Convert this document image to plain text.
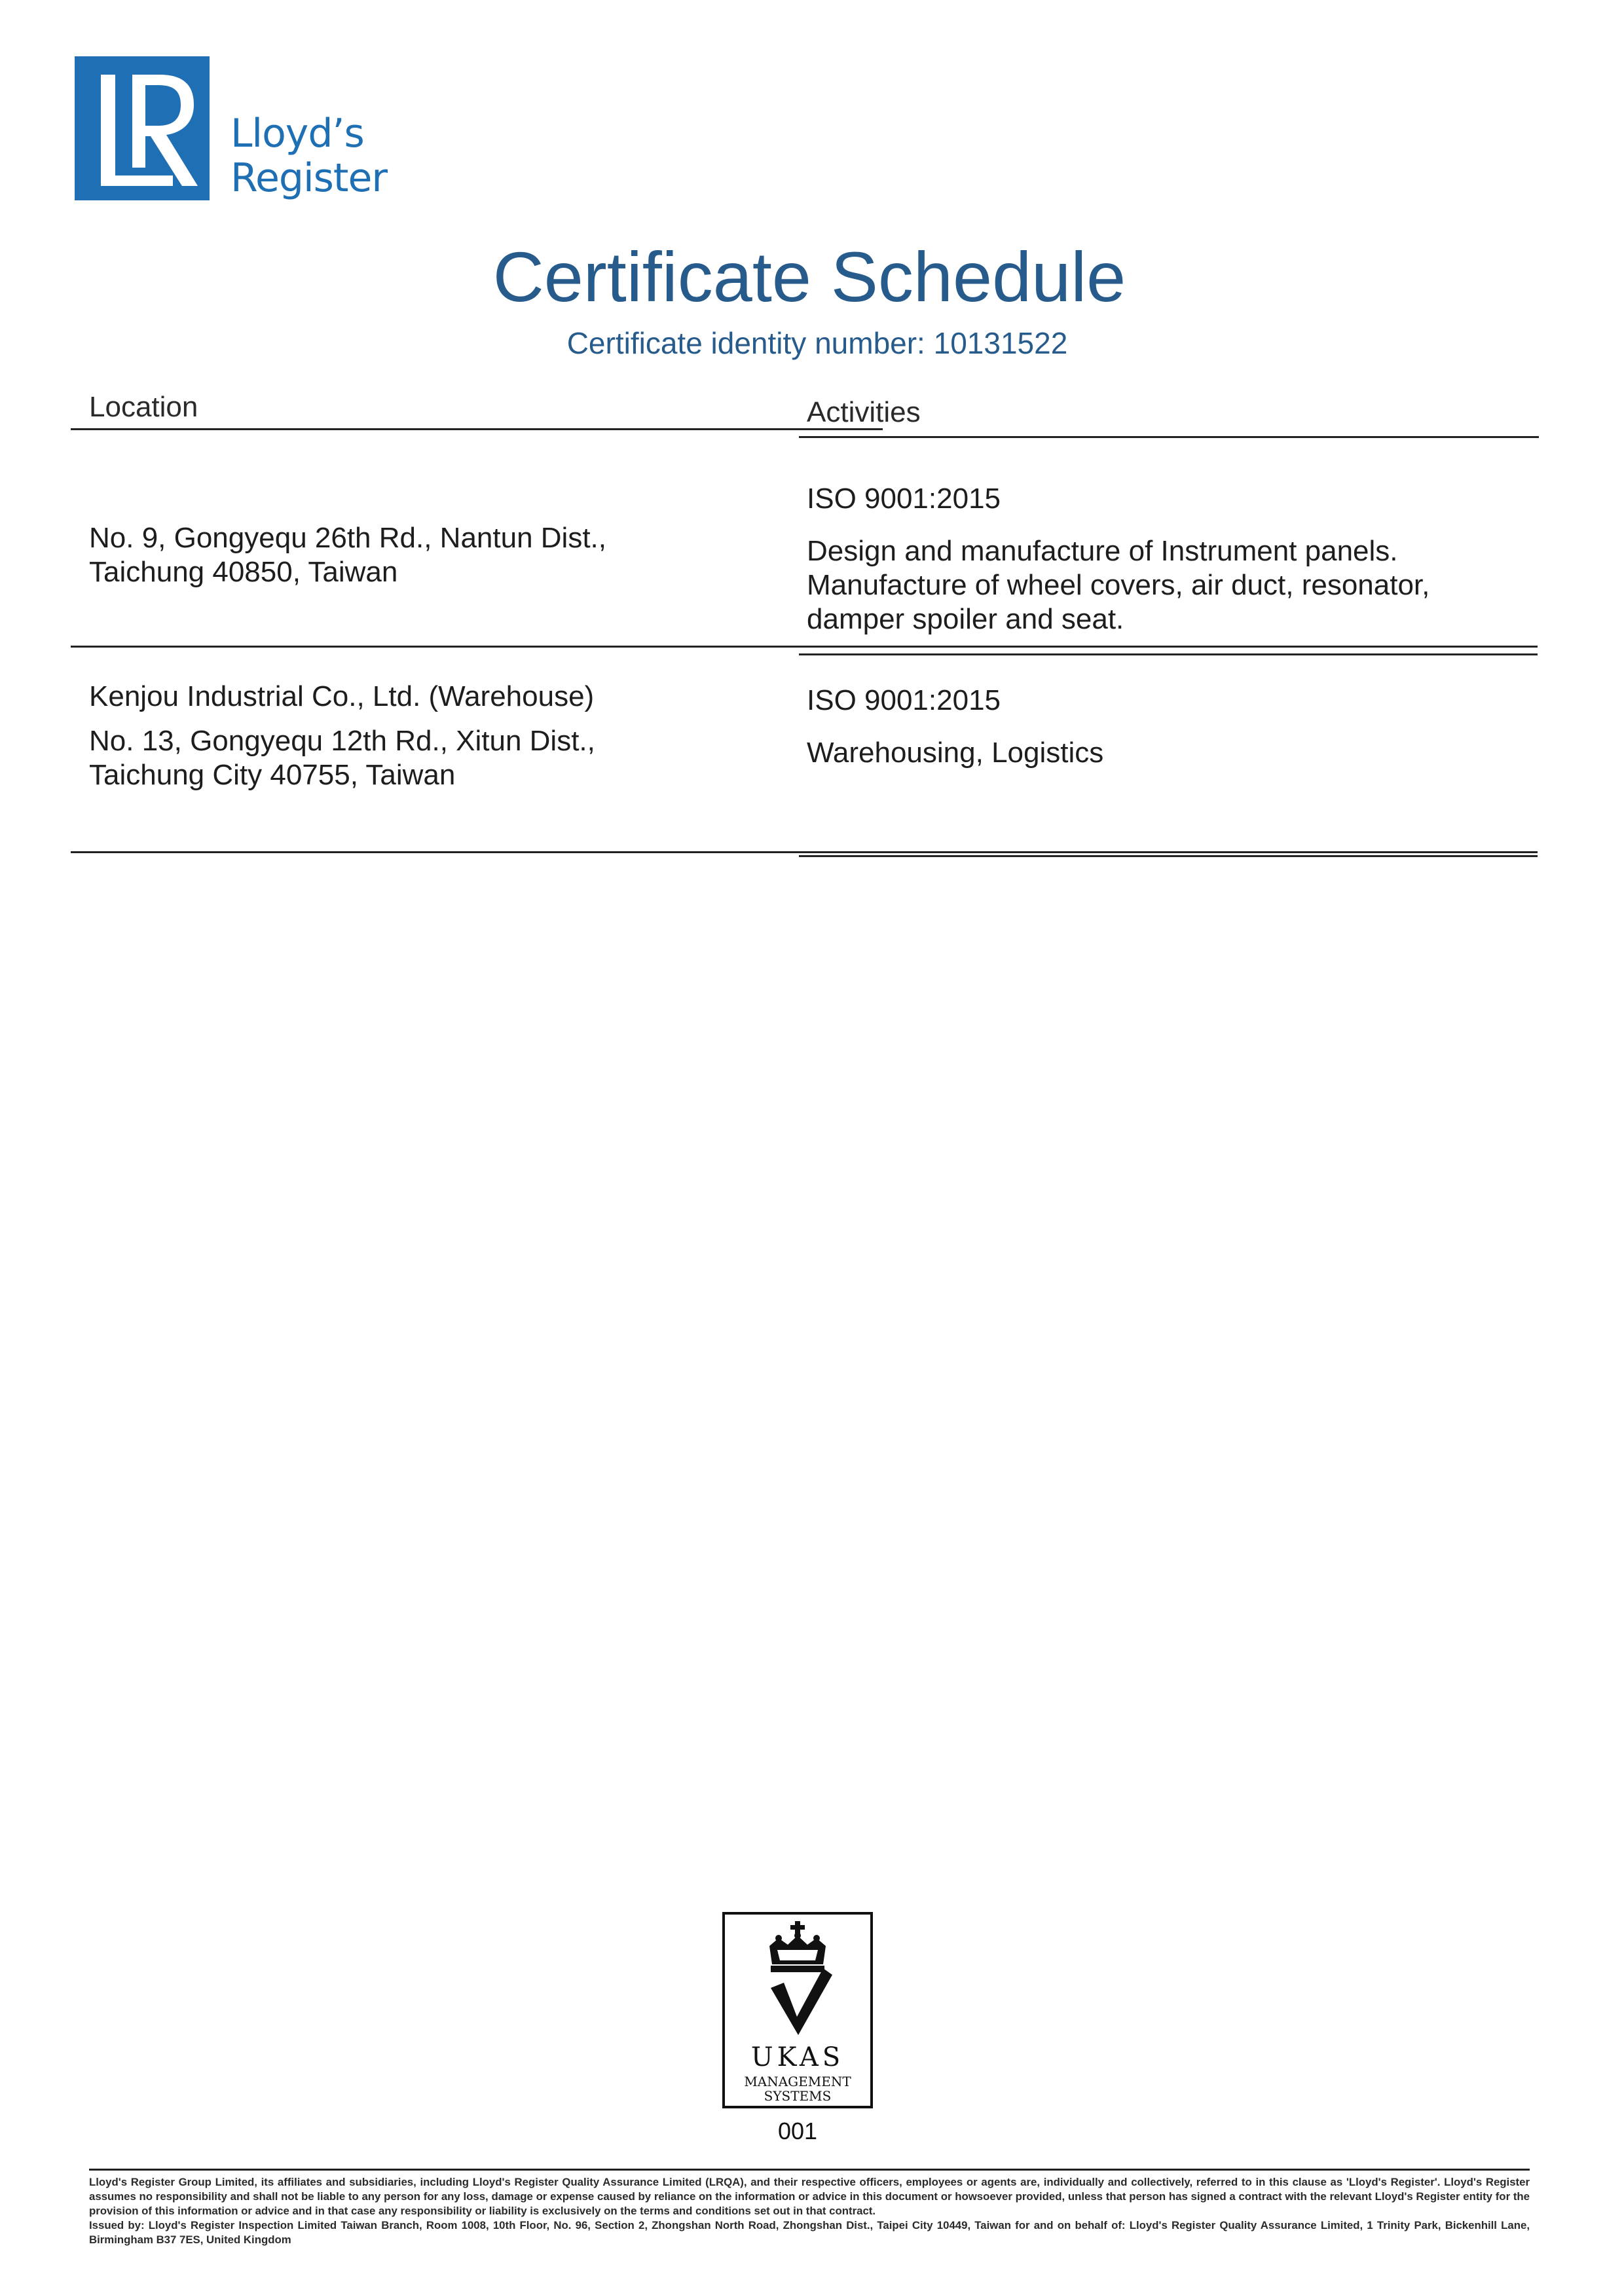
Lloyd’s
Register
Certificate Schedule
Certificate identity number: 10131522
Location	Activities
No. 9, Gongyequ 26th Rd., Nantun Dist.,
Taichung 40850, Taiwan
ISO 9001:2015
Design and manufacture of Instrument panels.
Manufacture of wheel covers, air duct, resonator,
damper spoiler and seat.
Kenjou Industrial Co., Ltd. (Warehouse)
No. 13, Gongyequ 12th Rd., Xitun Dist.,
Taichung City 40755, Taiwan
ISO 9001:2015
Warehousing, Logistics
UKAS
MANAGEMENT
SYSTEMS
001

Lloyd's Register Group Limited, its affiliates and subsidiaries, including Lloyd's Register Quality Assurance Limited (LRQA), and their respective officers, employees or agents are, individually and collectively, referred to in this clause as 'Lloyd's Register'. Lloyd's Register assumes no responsibility and shall not be liable to any person for any loss, damage or expense caused by reliance on the information or advice in this document or howsoever provided, unless that person has signed a contract with the relevant Lloyd's Register entity for the provision of this information or advice and in that case any responsibility or liability is exclusively on the terms and conditions set out in that contract.

Issued by: Lloyd's Register Inspection Limited Taiwan Branch, Room 1008, 10th Floor, No. 96, Section 2, Zhongshan North Road, Zhongshan Dist., Taipei City 10449, Taiwan for and on behalf of: Lloyd's Register Quality Assurance Limited, 1 Trinity Park, Bickenhill Lane, Birmingham B37 7ES, United Kingdom
